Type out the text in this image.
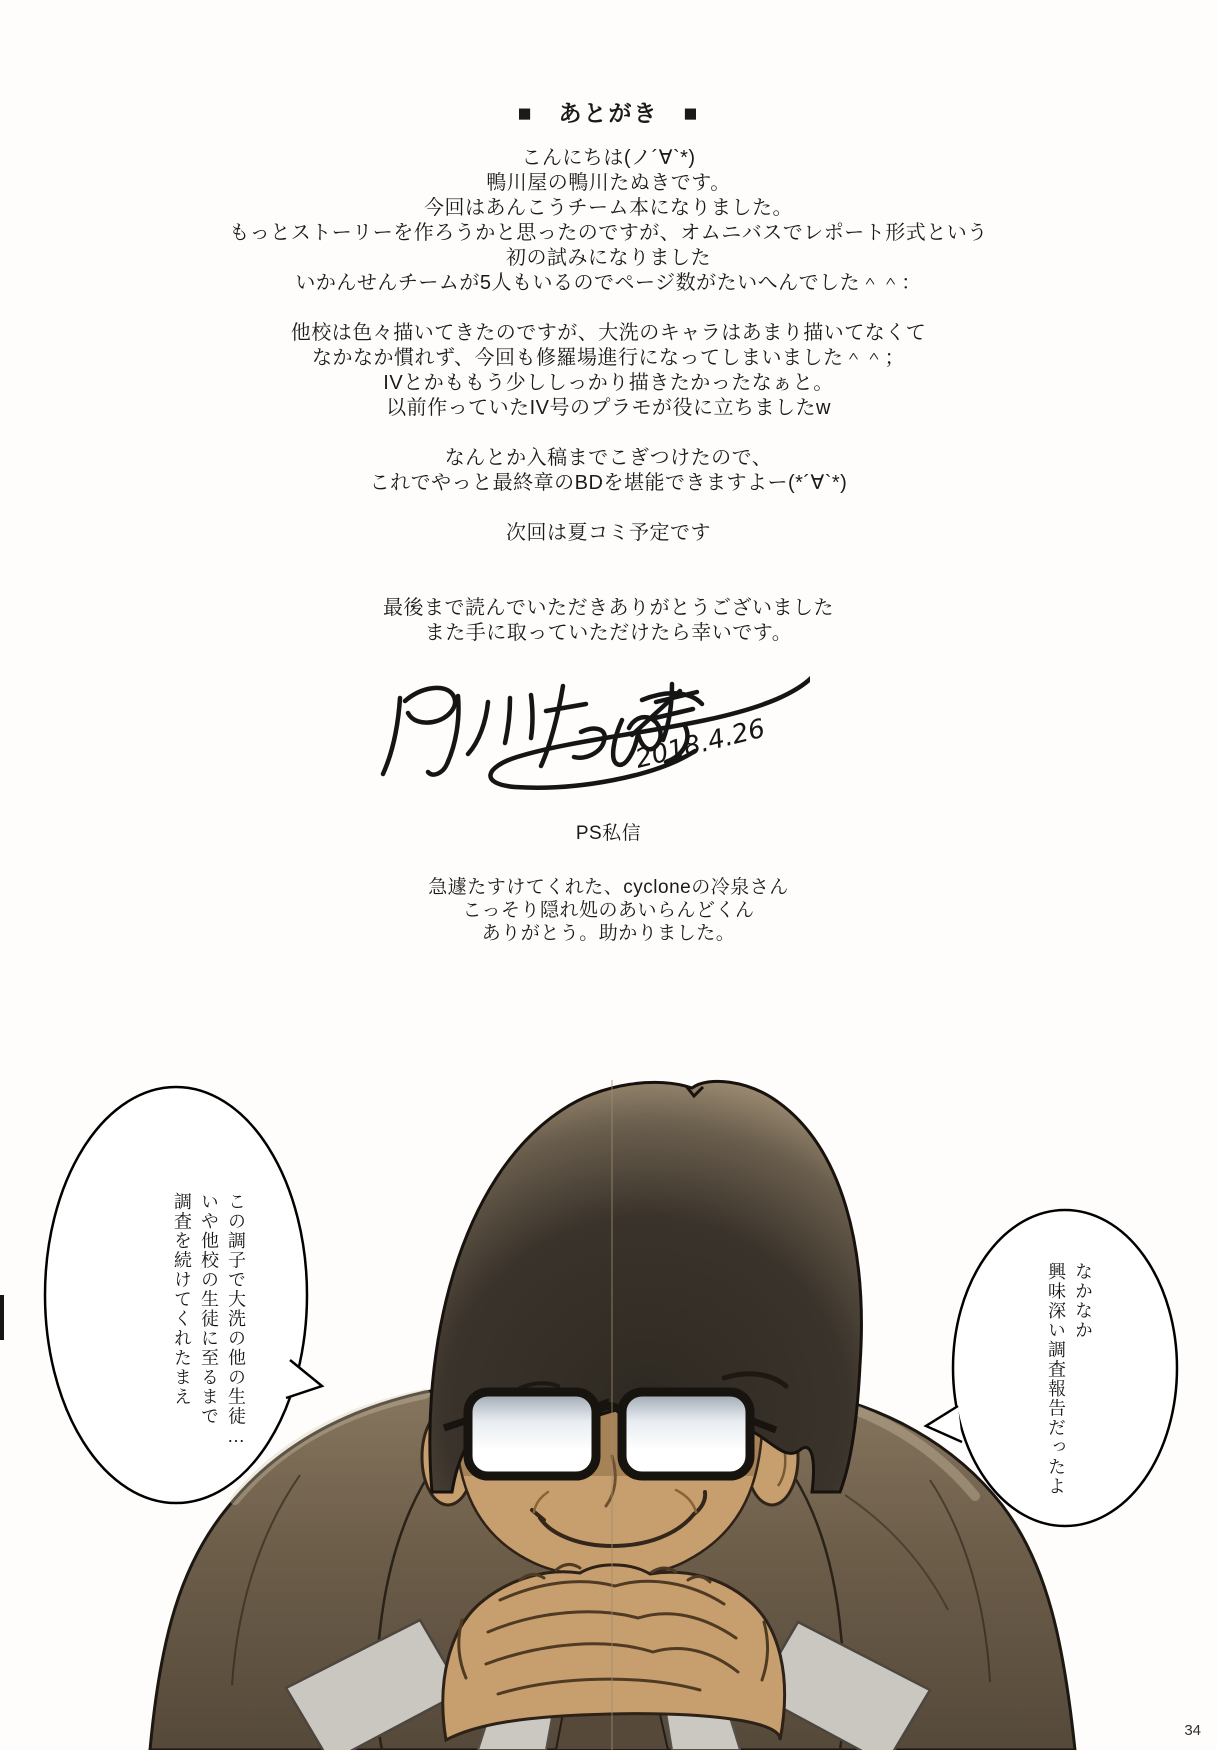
■　あとがき　■
こんにちは(ノ´∀`*)
鴨川屋の鴨川たぬきです。
今回はあんこうチーム本になりました。
もっとストーリーを作ろうかと思ったのですが、オムニバスでレポート形式という
初の試みになりました
いかんせんチームが5人もいるのでページ数がたいへんでした＾＾：
他校は色々描いてきたのですが、大洗のキャラはあまり描いてなくて
なかなか慣れず、今回も修羅場進行になってしまいました＾＾；
IVとかももう少ししっかり描きたかったなぁと。
以前作っていたIV号のプラモが役に立ちましたw
なんとか入稿までこぎつけたので、
これでやっと最終章のBDを堪能できますよー(*´∀`*)
次回は夏コミ予定です
最後まで読んでいただきありがとうございました
また手に取っていただけたら幸いです。
2018.4.26
PS私信
急遽たすけてくれた、cycloneの冷泉さん
こっそり隠れ処のあいらんどくん
ありがとう。助かりました。
この調子で大洗の他の生徒…
いや他校の生徒に至るまで
調査を続けてくれたまえ	なかなか
興味深い調査報告だったよ
34
